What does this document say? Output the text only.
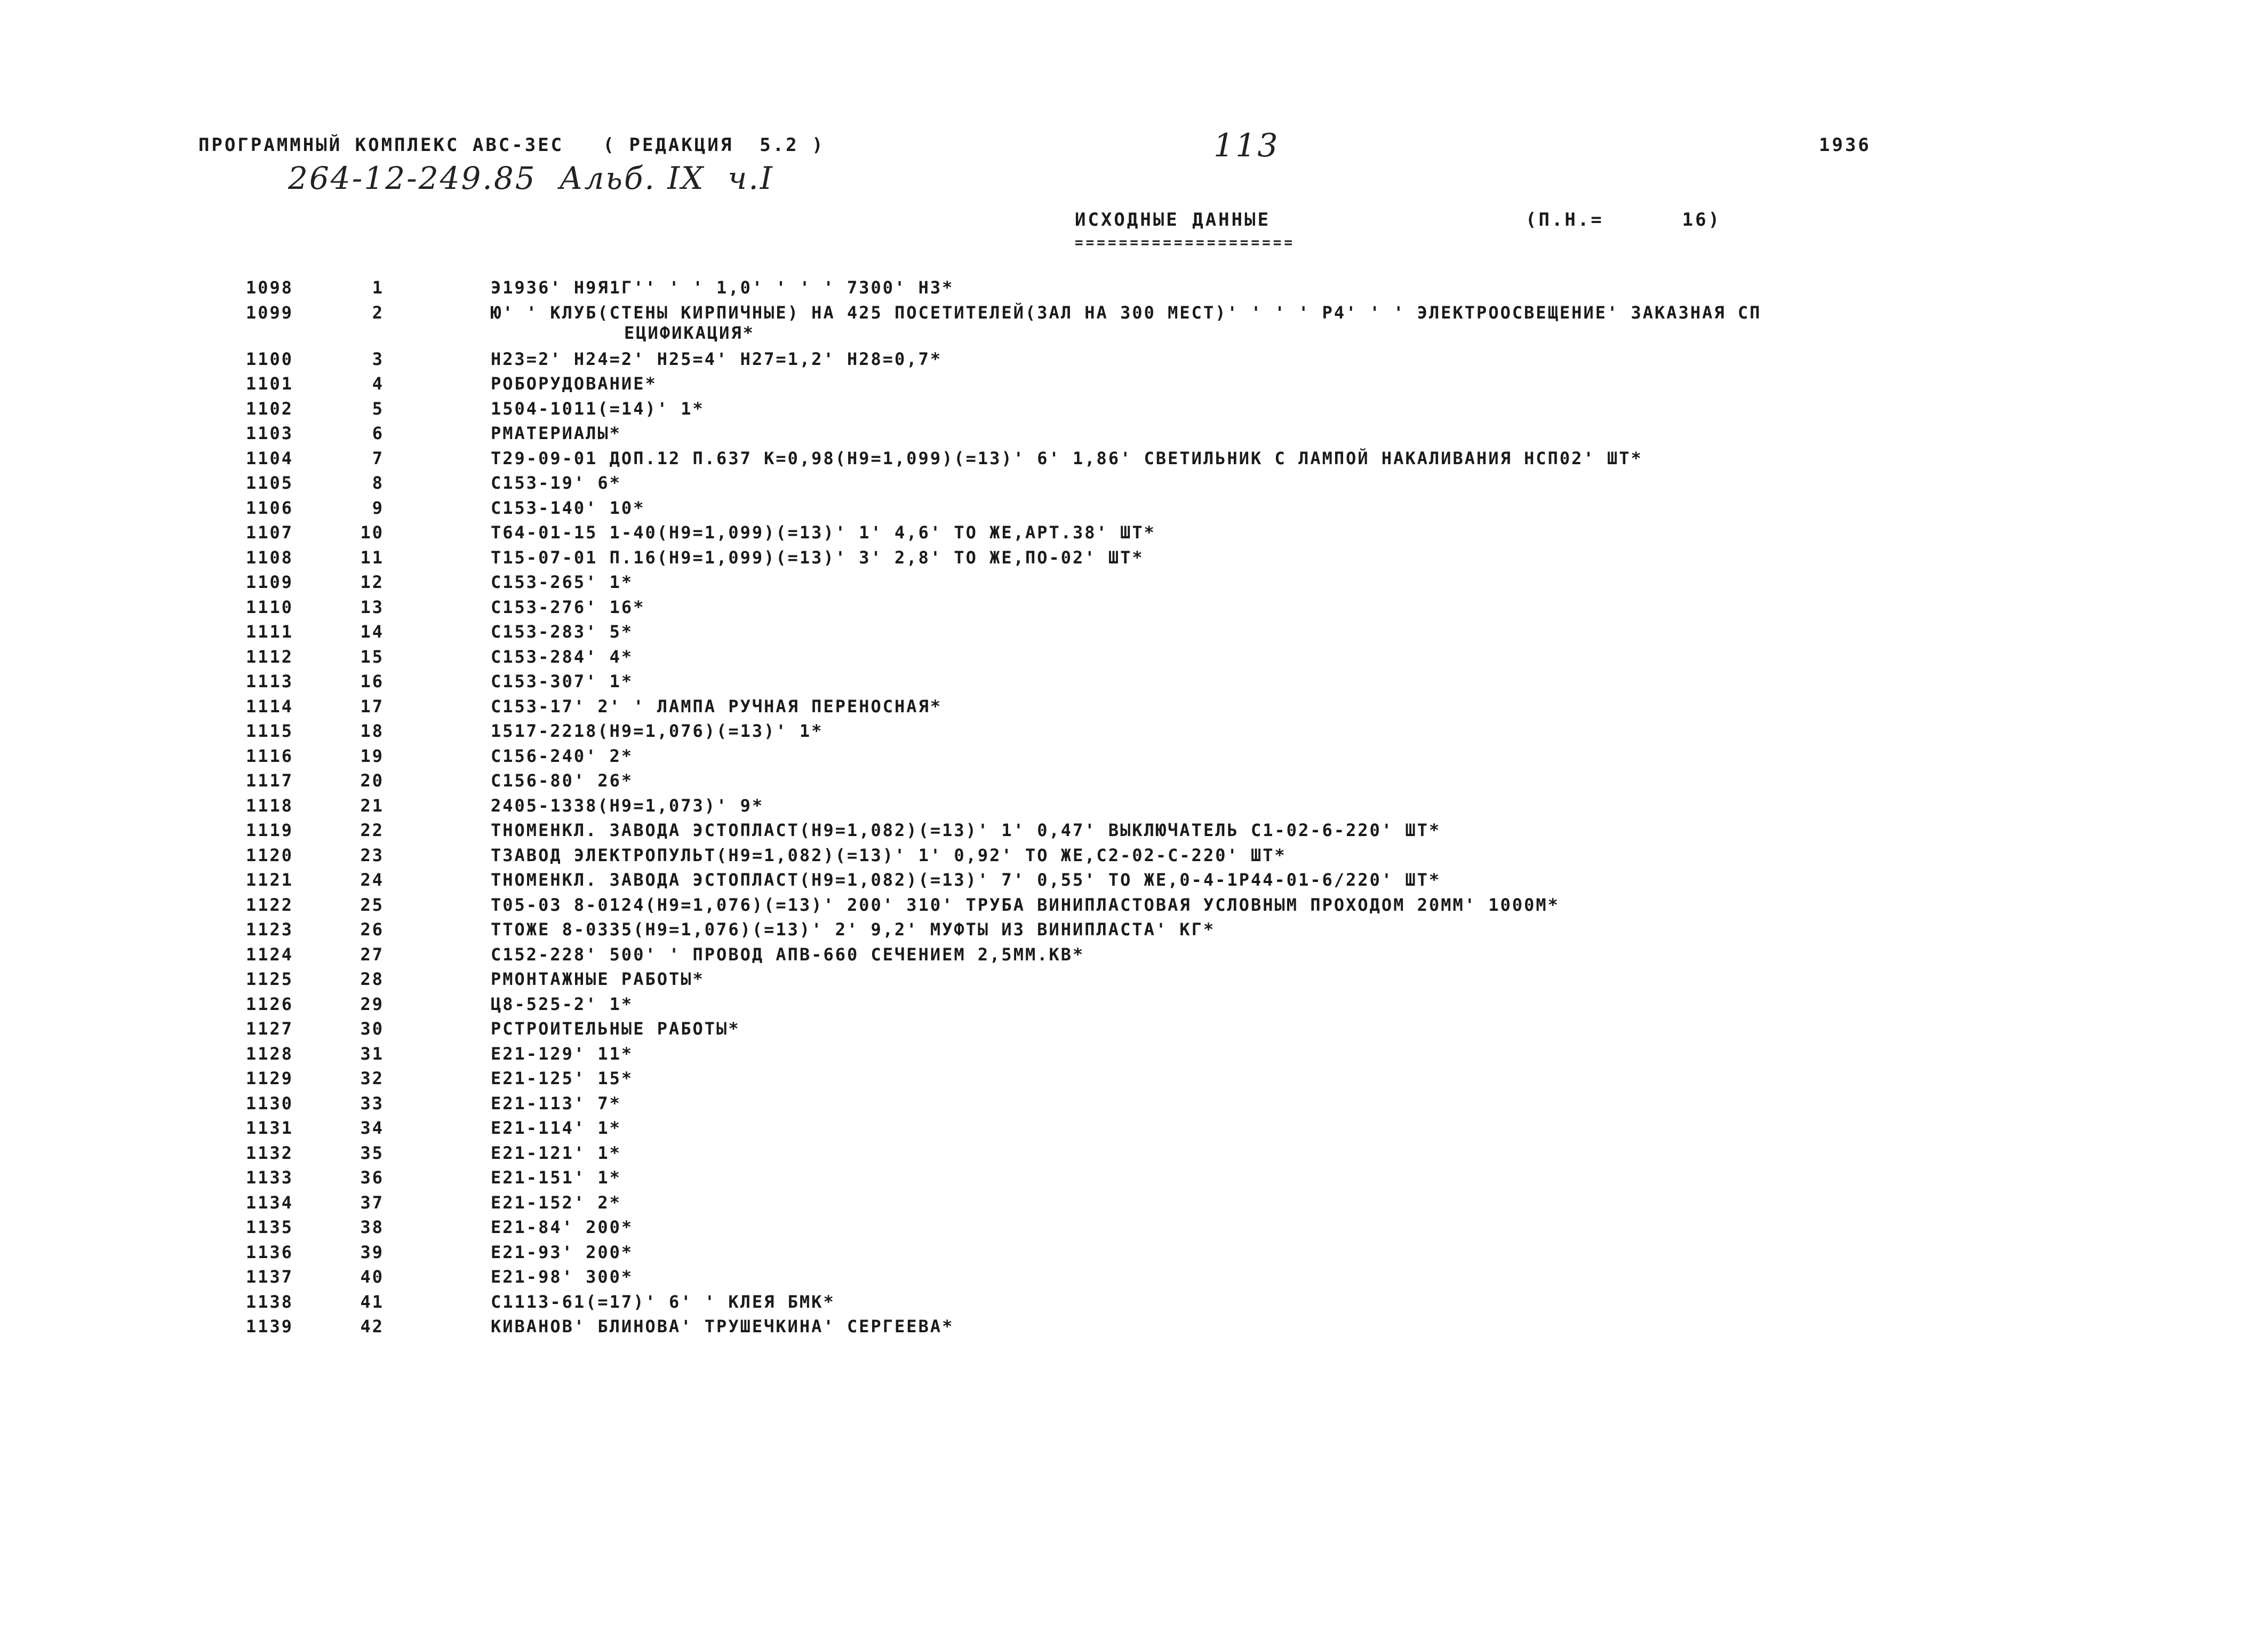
ПРОГРАММНЫЙ КОМПЛЕКС АВС-ЗЕС   ( РЕДАКЦИЯ  5.2 )	113	1936
264-12-249.85  Альб. IX  ч.I
ИСХОДНЫЕ ДАННЫЕ
====================
(П.Н.=      16)
1098	1	Э1936' Н9Я1Г'' ' ' 1,0' ' ' ' 7300' НЗ*
1099	2	Ю' ' КЛУБ(СТЕНЫ КИРПИЧНЫЕ) НА 425 ПОСЕТИТЕЛЕЙ(ЗАЛ НА 300 МЕСТ)' ' ' ' Р4' ' ' ЭЛЕКТРООСВЕЩЕНИЕ' ЗАКАЗНАЯ СП
ЕЦИФИКАЦИЯ*
1100	3	Н23=2' Н24=2' Н25=4' Н27=1,2' Н28=0,7*
1101	4	РОБОРУДОВАНИЕ*
1102	5	1504-1011(=14)' 1*
1103	6	РМАТЕРИАЛЫ*
1104	7	Т29-09-01 ДОП.12 П.637 К=0,98(Н9=1,099)(=13)' 6' 1,86' СВЕТИЛЬНИК С ЛАМПОЙ НАКАЛИВАНИЯ НСП02' ШТ*
1105	8	С153-19' 6*
1106	9	С153-140' 10*
1107	10	Т64-01-15 1-40(Н9=1,099)(=13)' 1' 4,6' ТО ЖЕ,АРТ.38' ШТ*
1108	11	Т15-07-01 П.16(Н9=1,099)(=13)' 3' 2,8' ТО ЖЕ,ПО-02' ШТ*
1109	12	С153-265' 1*
1110	13	С153-276' 16*
1111	14	С153-283' 5*
1112	15	С153-284' 4*
1113	16	С153-307' 1*
1114	17	С153-17' 2' ' ЛАМПА РУЧНАЯ ПЕРЕНОСНАЯ*
1115	18	1517-2218(Н9=1,076)(=13)' 1*
1116	19	С156-240' 2*
1117	20	С156-80' 26*
1118	21	2405-1338(Н9=1,073)' 9*
1119	22	ТНОМЕНКЛ. ЗАВОДА ЭСТОПЛАСТ(Н9=1,082)(=13)' 1' 0,47' ВЫКЛЮЧАТЕЛЬ С1-02-6-220' ШТ*
1120	23	ТЗАВОД ЭЛЕКТРОПУЛЬТ(Н9=1,082)(=13)' 1' 0,92' ТО ЖЕ,С2-02-С-220' ШТ*
1121	24	ТНОМЕНКЛ. ЗАВОДА ЭСТОПЛАСТ(Н9=1,082)(=13)' 7' 0,55' ТО ЖЕ,0-4-1Р44-01-6/220' ШТ*
1122	25	Т05-03 8-0124(Н9=1,076)(=13)' 200' 310' ТРУБА ВИНИПЛАСТОВАЯ УСЛОВНЫМ ПРОХОДОМ 20ММ' 1000М*
1123	26	ТТОЖЕ 8-0335(Н9=1,076)(=13)' 2' 9,2' МУФТЫ ИЗ ВИНИПЛАСТА' КГ*
1124	27	С152-228' 500' ' ПРОВОД АПВ-660 СЕЧЕНИЕМ 2,5ММ.КВ*
1125	28	РМОНТАЖНЫЕ РАБОТЫ*
1126	29	Ц8-525-2' 1*
1127	30	РСТРОИТЕЛЬНЫЕ РАБОТЫ*
1128	31	Е21-129' 11*
1129	32	Е21-125' 15*
1130	33	Е21-113' 7*
1131	34	Е21-114' 1*
1132	35	Е21-121' 1*
1133	36	Е21-151' 1*
1134	37	Е21-152' 2*
1135	38	Е21-84' 200*
1136	39	Е21-93' 200*
1137	40	Е21-98' 300*
1138	41	С1113-61(=17)' 6' ' КЛЕЯ БМК*
1139	42	КИВАНОВ' БЛИНОВА' ТРУШЕЧКИНА' СЕРГЕЕВА*
